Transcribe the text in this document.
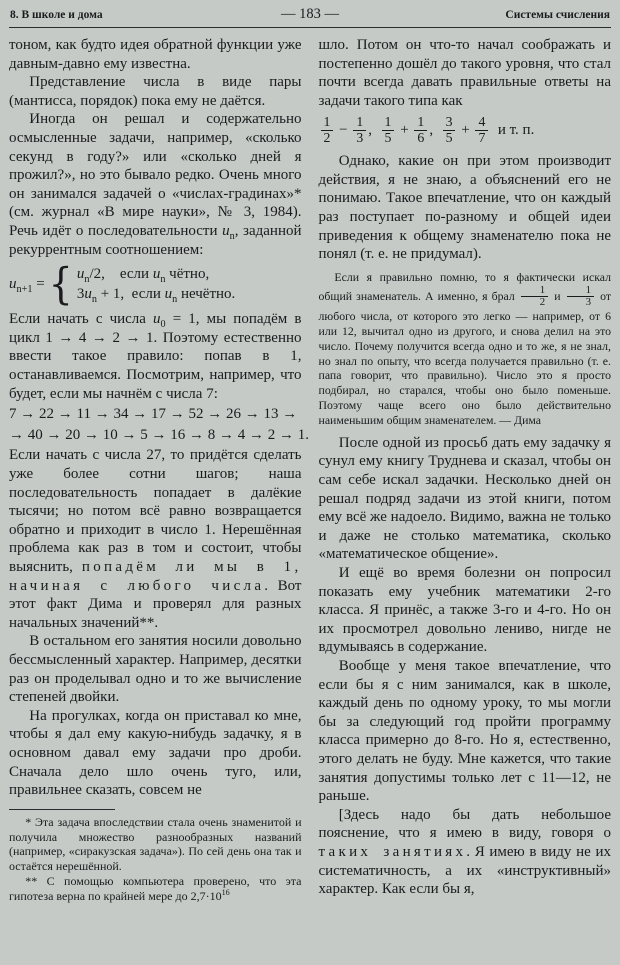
8. В школе и дома	— 183 —	Системы счисления

тоном, как будто идея обратной функции уже давным-давно ему известна.

Представление числа в виде пары (мантисса, порядок) пока ему не даётся.

Иногда он решал и содержательно осмысленные задачи, например, «сколько секунд в году?» или «сколько дней я прожил?», но это бывало редко. Очень много он занимался задачей о «числах-градинах»* (см. журнал «В мире науки», № 3, 1984). Речь идёт о последовательности $u_n$, заданной рекуррентным соотношением:

$u_{n+1}$ = { $u_n/2$, если $u_n$ чётно,
$3u_n + 1$, если $u_n$ нечётно.

Если начать с числа $u_0 = 1$, мы попадём в цикл 1 → 4 → 2 → 1. Поэтому естественно ввести такое правило: попав в 1, останавливаемся. Посмотрим, например, что будет, если мы начнём с числа 7:

7 → 22 → 11 → 34 → 17 → 52 → 26 → 13 →

→ 40 → 20 → 10 → 5 → 16 → 8 → 4 → 2 → 1.

Если начать с числа 27, то придётся сделать уже более сотни шагов; наша последовательность попадает в далёкие тысячи; но потом всё равно возвращается обратно и приходит в число 1. Нерешённая проблема как раз в том и состоит, чтобы выяснить, попадём ли мы в 1, начиная с любого числа. Вот этот факт Дима и проверял для разных начальных значений**.

В остальном его занятия носили довольно бессмысленный характер. Например, десятки раз он проделывал одно и то же вычисление степеней двойки.

На прогулках, когда он приставал ко мне, чтобы я дал ему какую-нибудь задачку, я в основном давал ему задачи про дроби. Сначала дело шло очень туго, или, правильнее сказать, совсем не

* Эта задача впоследствии стала очень знаменитой и получила множество разнообразных названий (например, «сиракузская задача»). По сей день она так и остаётся нерешённой.

** С помощью компьютера проверено, что эта гипотеза верна по крайней мере до $2,7\cdot 10^{16}$

шло. Потом он что-то начал соображать и постепенно дошёл до такого уровня, что стал почти всегда давать правильные ответы на задачи такого типа как

$\frac{1}{2} - \frac{1}{3}$ ,  $\frac{1}{5} + \frac{1}{6}$ ,  $\frac{3}{5} + \frac{4}{7}$  и т. п.

Однако, какие он при этом производит действия, я не знаю, а объяснений его не понимаю. Такое впечатление, что он каждый раз поступает по-разному и общей идеи приведения к общему знаменателю пока не понял (т. е. не придумал).

Если я правильно помню, то я фактически искал общий знаменатель. А именно, я брал $\frac{1}{2}$ и $\frac{1}{3}$ от любого числа, от которого это легко — например, от 6 или 12, вычитал одно из другого, и снова делил на это число. Почему получится всегда одно и то же, я не знал, но знал по опыту, что всегда получается правильно (т. е. папа говорит, что правильно). Число это я просто подбирал, но старался, чтобы оно было поменьше. Поэтому чаще всего оно было действительно наименьшим общим знаменателем. — Дима

После одной из просьб дать ему задачку я сунул ему книгу Труднева и сказал, чтобы он сам себе искал задачки. Несколько дней он решал подряд задачи из этой книги, потом ему всё же надоело. Видимо, важна не только и даже не столько математика, сколько «математическое общение».

И ещё во время болезни он попросил показать ему учебник математики 2-го класса. Я принёс, а также 3-го и 4-го. Но он их просмотрел довольно лениво, нигде не вдумываясь в содержание.

Вообще у меня такое впечатление, что если бы я с ним занимался, как в школе, каждый день по одному уроку, то мы могли бы за следующий год пройти программу класса примерно до 8-го. Но я, естественно, этого делать не буду. Мне кажется, что такие занятия допустимы только лет с 11—12, не раньше.

[Здесь надо бы дать небольшое пояснение, что я имею в виду, говоря о таких занятиях. Я имею в виду не их систематичность, а их «инструктивный» характер. Как если бы я,
